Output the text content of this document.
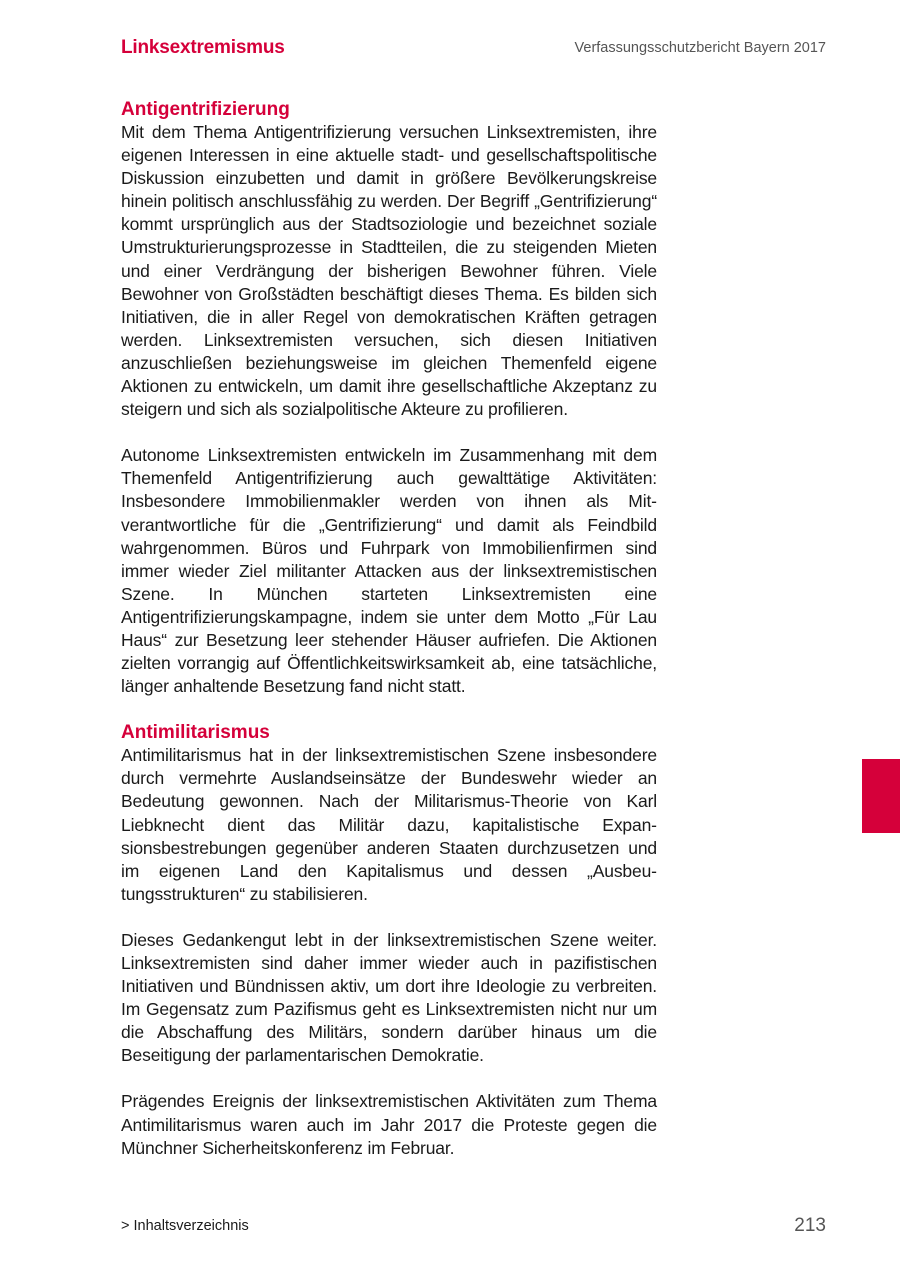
Linksextremismus	Verfassungsschutzbericht Bayern 2017
Antigentrifizierung

Mit dem Thema Antigentrifizierung versuchen Linksextremisten, ihre eigenen Interessen in eine aktuelle stadt- und gesellschaftspolitische Diskussion einzubetten und damit in größere Bevölkerungskreise hinein politisch anschlussfähig zu werden. Der Begriff „Gentrifizierung“ kommt ursprünglich aus der Stadtsoziologie und bezeichnet soziale Umstrukturierungsprozesse in Stadtteilen, die zu steigenden Mieten und einer Verdrängung der bisherigen Bewohner führen. Viele Bewohner von Großstädten beschäftigt dieses Thema. Es bilden sich Initiativen, die in aller Regel von demokratischen Kräften getragen werden. Linksextremisten versuchen, sich diesen Initiativen anzuschließen beziehungsweise im gleichen Themenfeld eigene Aktionen zu entwickeln, um damit ihre gesellschaftliche Akzeptanz zu steigern und sich als sozialpolitische Akteure zu profilieren.

Autonome Linksextremisten entwickeln im Zusammenhang mit dem Themenfeld Antigentrifizierung auch gewalttätige Aktivitäten: Insbesondere Immobilienmakler werden von ihnen als Mitverantwortliche für die „Gentrifizierung“ und damit als Feindbild wahrgenommen. Büros und Fuhrpark von Immobilienfirmen sind immer wieder Ziel militanter Attacken aus der linksextremistischen Szene. In München starteten Linksextremisten eine Antigentrifizierungskampagne, indem sie unter dem Motto „Für Lau Haus“ zur Besetzung leer stehender Häuser aufriefen. Die Aktionen zielten vorrangig auf Öffentlichkeitswirksamkeit ab, eine tatsächliche, länger anhaltende Besetzung fand nicht statt.

Antimilitarismus

Antimilitarismus hat in der linksextremistischen Szene insbesondere durch vermehrte Auslandseinsätze der Bundeswehr wieder an Bedeutung gewonnen. Nach der Militarismus-Theorie von Karl Liebknecht dient das Militär dazu, kapitalistische Expansionsbestrebungen gegenüber anderen Staaten durchzusetzen und im eigenen Land den Kapitalismus und dessen „Ausbeutungsstrukturen“ zu stabilisieren.

Dieses Gedankengut lebt in der linksextremistischen Szene weiter. Linksextremisten sind daher immer wieder auch in pazifistischen Initiativen und Bündnissen aktiv, um dort ihre Ideologie zu verbreiten. Im Gegensatz zum Pazifismus geht es Linksextremisten nicht nur um die Abschaffung des Militärs, sondern darüber hinaus um die Beseitigung der parlamentarischen Demokratie.

Prägendes Ereignis der linksextremistischen Aktivitäten zum Thema Antimilitarismus waren auch im Jahr 2017 die Proteste gegen die Münchner Sicherheitskonferenz im Februar.

> Inhaltsverzeichnis	213
